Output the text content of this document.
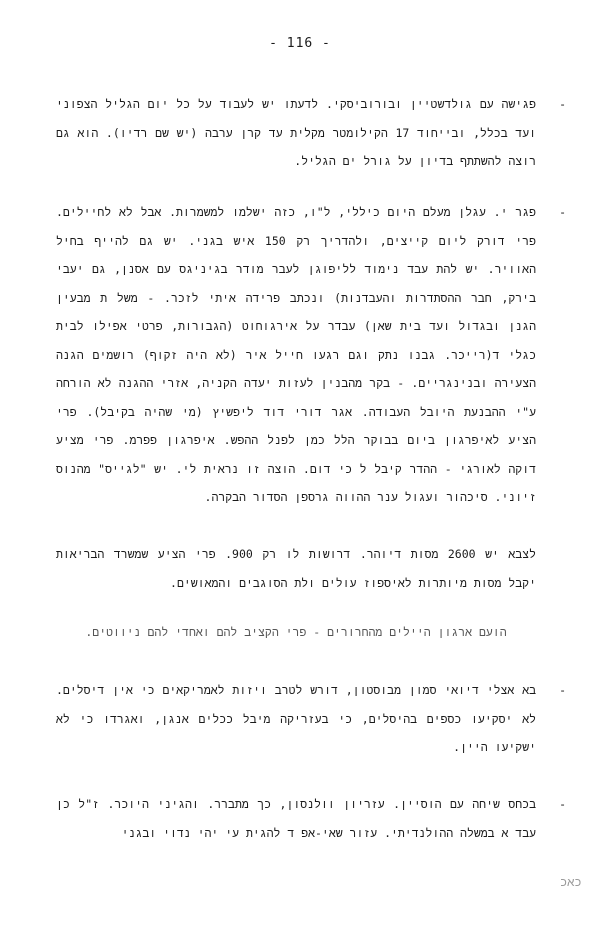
- 116 -
-
פגישה עם גולדשטיין ובורוביסקי. לדעתו יש לעבוד על כל יום הגליל הצפוני ועד בכלל, ובייחוד 17 הקילומטר מקלית עד קרן ערבה (יש שם רדיו). הוא גם רוצה להשתתף בדיון על גורל ים הגליל.
-
פגר י. עגלן מעלם היום כיללי, ל"ו, כזה ישלמו למשמרות. אבל לא לחיילים. פרי דורק ליום קייצים, ולהדריך רק 150 איש בגני. יש גם להייף בחיל האוויר. יש להת עבד נימוד לליפוגן לעבר מודר בגיניגס עם אסנן, גם יעבי בירק, חבר ההסתדרות והעבדנות) ונכתב פרידה איתי לזכר. - משל ת מבעין הגנן ובגדול ועד בית שאן) עבדר על אירגוחוט (הגבורות, פרטי אפילו לבית כגלי ד(רייכר. גבנו נתק וגם רגעו חייל איר (לא היה זקוף) רושמים הגנה הצעירה ובנינגריים. - בקר מהבנין לעזות יעדה הקניה, אזרי ההגנה לא הורחה ע"י ההבנעת היובל העבודה. אגר דורי דוד ליפשיץ (מי שהיה בקיבל). פרי הציע לאיפרגון ביום בבוקר הלל כמן לפנל ההפש. איפרגון פפרמ. פרי מציע דוקה לאורגי - ההדר קיבל ל כי דום. הוצה זו נראית לי. יש "לגייס" מהנוס זיוני. סיכהור ועגול ענר ההווה גרספן הסדור הבקרה.
לצבא יש 2600 מסות דיוהר. דרושות לו רק 900. פרי הציע שמשרד הבריאות יקבל מסות מיותרות לאיספוז עולים ולת הסוגבים והמאושים.
הועם ארגון היילים מהחרורים - פרי הקציב להם ואחדי להם ניווטים.
-
בא אצלי דיואי סמון מבוסטון, דורש לטרב ויזות לאמריקאים כי אין דיסלים. לא יסקיעו כספים בהיסלים, כי בעזריקה מיבל ככלים אנגן, ואגרדו כי לא ישקיעו היין.
-
בכחס שיחה עם הוסיין. עזריון וולנסון, כך מתברר. והגיני היוכר. ז"ל כן עבד א במשלה ההולנדיתי. עזור שאי-אפ ד להגית עי יהי נדוי ובגני
ﬤﬡﬤ
